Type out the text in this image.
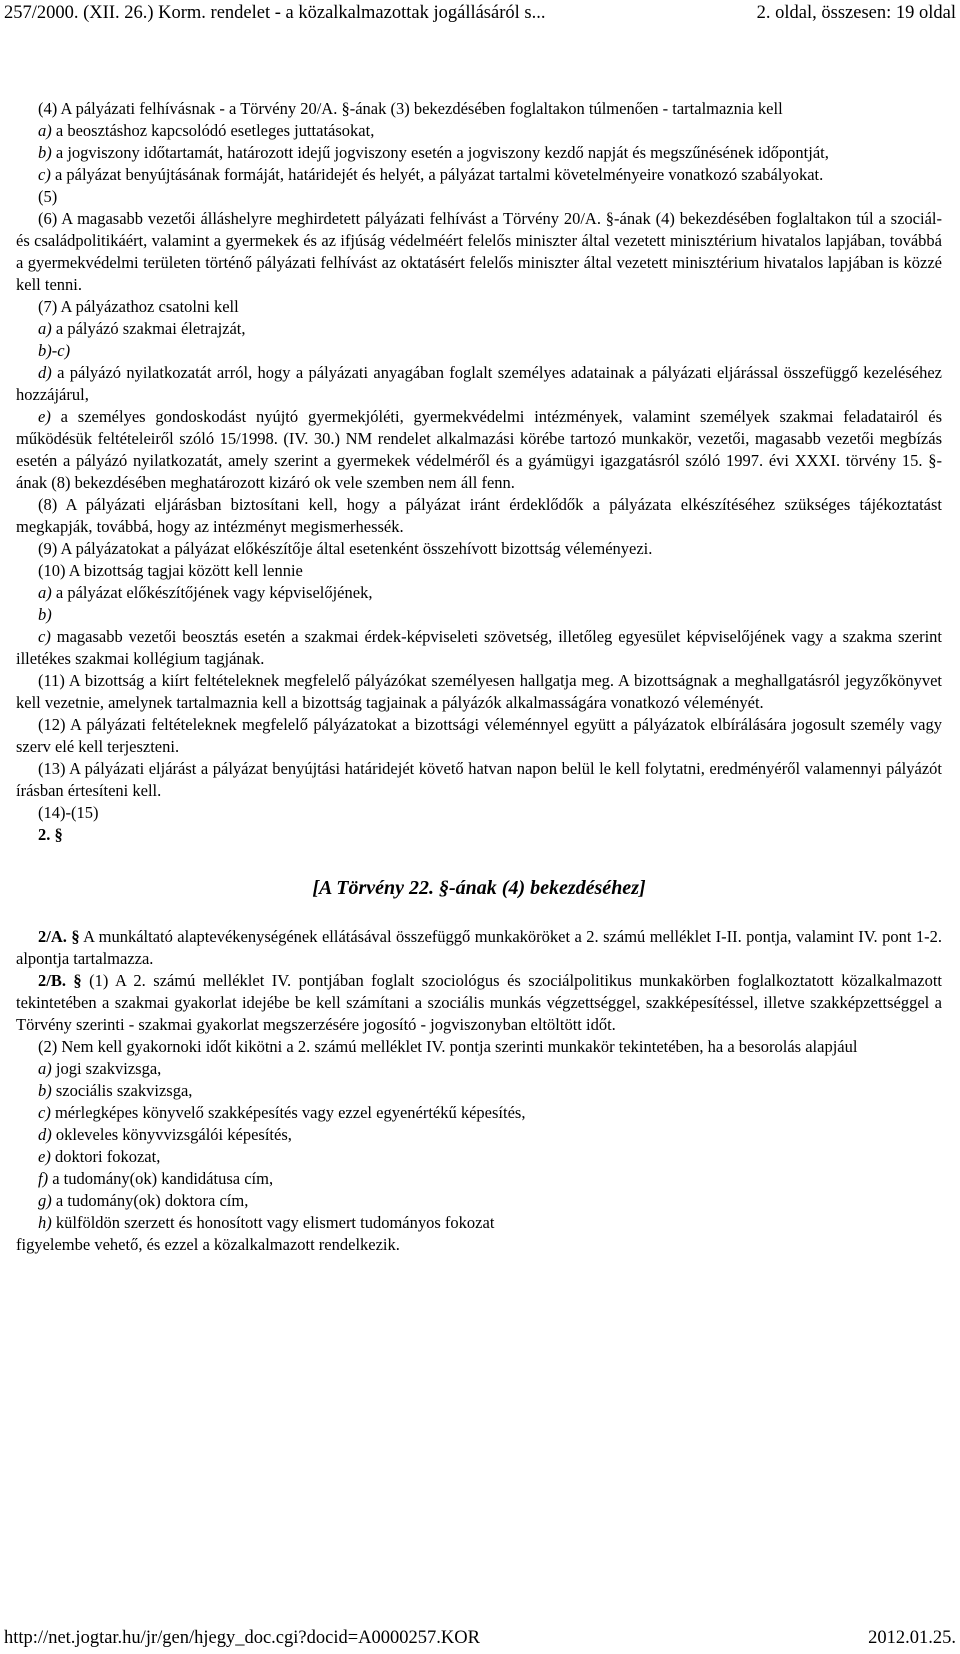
257/2000. (XII. 26.) Korm. rendelet - a közalkalmazottak jogállásáról s...	2. oldal, összesen: 19 oldal

(4) A pályázati felhívásnak - a Törvény 20/A. §-ának (3) bekezdésében foglaltakon túlmenően - tartalmaznia kell

a) a beosztáshoz kapcsolódó esetleges juttatásokat,

b) a jogviszony időtartamát, határozott idejű jogviszony esetén a jogviszony kezdő napját és megszűnésének időpontját,

c) a pályázat benyújtásának formáját, határidejét és helyét, a pályázat tartalmi követelményeire vonatkozó szabályokat.

(5)

(6) A magasabb vezetői álláshelyre meghirdetett pályázati felhívást a Törvény 20/A. §-ának (4) bekezdésében foglaltakon túl a szociál- és családpolitikáért, valamint a gyermekek és az ifjúság védelméért felelős miniszter által vezetett minisztérium hivatalos lapjában, továbbá a gyermekvédelmi területen történő pályázati felhívást az oktatásért felelős miniszter által vezetett minisztérium hivatalos lapjában is közzé kell tenni.

(7) A pályázathoz csatolni kell

a) a pályázó szakmai életrajzát,

b)-c)

d) a pályázó nyilatkozatát arról, hogy a pályázati anyagában foglalt személyes adatainak a pályázati eljárással összefüggő kezeléséhez hozzájárul,

e) a személyes gondoskodást nyújtó gyermekjóléti, gyermekvédelmi intézmények, valamint személyek szakmai feladatairól és működésük feltételeiről szóló 15/1998. (IV. 30.) NM rendelet alkalmazási körébe tartozó munkakör, vezetői, magasabb vezetői megbízás esetén a pályázó nyilatkozatát, amely szerint a gyermekek védelméről és a gyámügyi igazgatásról szóló 1997. évi XXXI. törvény 15. §-ának (8) bekezdésében meghatározott kizáró ok vele szemben nem áll fenn.

(8) A pályázati eljárásban biztosítani kell, hogy a pályázat iránt érdeklődők a pályázata elkészítéséhez szükséges tájékoztatást megkapják, továbbá, hogy az intézményt megismerhessék.

(9) A pályázatokat a pályázat előkészítője által esetenként összehívott bizottság véleményezi.

(10) A bizottság tagjai között kell lennie

a) a pályázat előkészítőjének vagy képviselőjének,

b)

c) magasabb vezetői beosztás esetén a szakmai érdek-képviseleti szövetség, illetőleg egyesület képviselőjének vagy a szakma szerint illetékes szakmai kollégium tagjának.

(11) A bizottság a kiírt feltételeknek megfelelő pályázókat személyesen hallgatja meg. A bizottságnak a meghallgatásról jegyzőkönyvet kell vezetnie, amelynek tartalmaznia kell a bizottság tagjainak a pályázók alkalmasságára vonatkozó véleményét.

(12) A pályázati feltételeknek megfelelő pályázatokat a bizottsági véleménnyel együtt a pályázatok elbírálására jogosult személy vagy szerv elé kell terjeszteni.

(13) A pályázati eljárást a pályázat benyújtási határidejét követő hatvan napon belül le kell folytatni, eredményéről valamennyi pályázót írásban értesíteni kell.

(14)-(15)

2. §

[A Törvény 22. §-ának (4) bekezdéséhez]

2/A. § A munkáltató alaptevékenységének ellátásával összefüggő munkaköröket a 2. számú melléklet I-II. pontja, valamint IV. pont 1-2. alpontja tartalmazza.

2/B. § (1) A 2. számú melléklet IV. pontjában foglalt szociológus és szociálpolitikus munkakörben foglalkoztatott közalkalmazott tekintetében a szakmai gyakorlat idejébe be kell számítani a szociális munkás végzettséggel, szakképesítéssel, illetve szakképzettséggel a Törvény szerinti - szakmai gyakorlat megszerzésére jogosító - jogviszonyban eltöltött időt.

(2) Nem kell gyakornoki időt kikötni a 2. számú melléklet IV. pontja szerinti munkakör tekintetében, ha a besorolás alapjául

a) jogi szakvizsga,

b) szociális szakvizsga,

c) mérlegképes könyvelő szakképesítés vagy ezzel egyenértékű képesítés,

d) okleveles könyvvizsgálói képesítés,

e) doktori fokozat,

f) a tudomány(ok) kandidátusa cím,

g) a tudomány(ok) doktora cím,

h) külföldön szerzett és honosított vagy elismert tudományos fokozat

figyelembe vehető, és ezzel a közalkalmazott rendelkezik.

http://net.jogtar.hu/jr/gen/hjegy_doc.cgi?docid=A0000257.KOR	2012.01.25.
